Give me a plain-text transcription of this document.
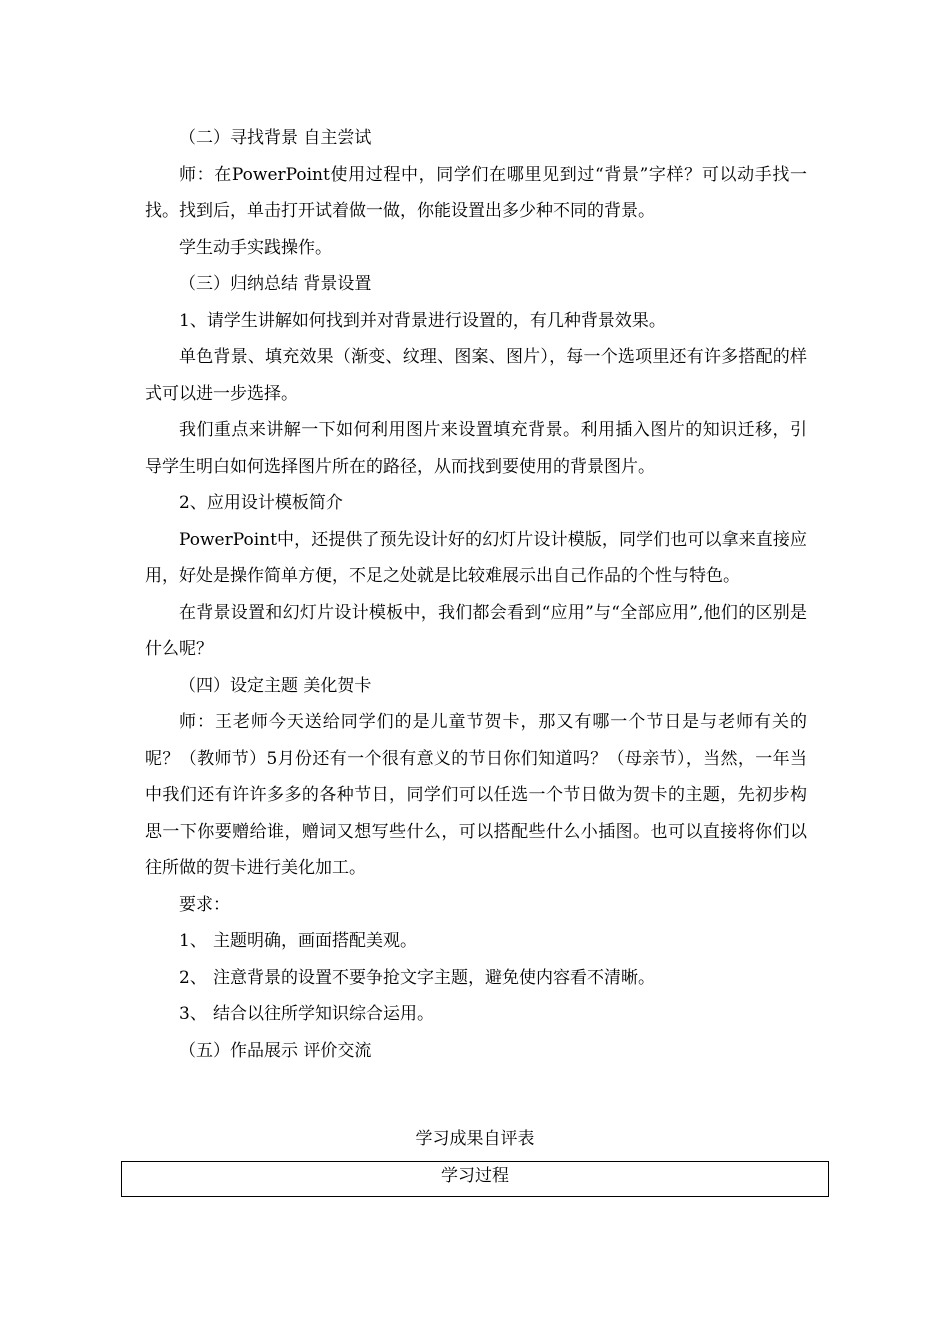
（二）寻找背景 自主尝试

师：在PowerPoint使用过程中，同学们在哪里见到过“背景”字样？可以动手找一找。找到后，单击打开试着做一做，你能设置出多少种不同的背景。

学生动手实践操作。

（三）归纳总结 背景设置

1、请学生讲解如何找到并对背景进行设置的，有几种背景效果。

单色背景、填充效果（渐变、纹理、图案、图片），每一个选项里还有许多搭配的样式可以进一步选择。

我们重点来讲解一下如何利用图片来设置填充背景。利用插入图片的知识迁移，引导学生明白如何选择图片所在的路径，从而找到要使用的背景图片。

2、应用设计模板简介

PowerPoint中，还提供了预先设计好的幻灯片设计模版，同学们也可以拿来直接应用，好处是操作简单方便，不足之处就是比较难展示出自己作品的个性与特色。

在背景设置和幻灯片设计模板中，我们都会看到“应用”与“全部应用”,他们的区别是什么呢？

（四）设定主题 美化贺卡

师：王老师今天送给同学们的是儿童节贺卡，那又有哪一个节日是与老师有关的呢？（教师节）5月份还有一个很有意义的节日你们知道吗？（母亲节），当然，一年当中我们还有许许多多的各种节日，同学们可以任选一个节日做为贺卡的主题，先初步构思一下你要赠给谁，赠词又想写些什么，可以搭配些什么小插图。也可以直接将你们以往所做的贺卡进行美化加工。

要求：

1、 主题明确，画面搭配美观。
2、 注意背景的设置不要争抢文字主题，避免使内容看不清晰。
3、 结合以往所学知识综合运用。

（五）作品展示 评价交流

学习成果自评表
学习过程
